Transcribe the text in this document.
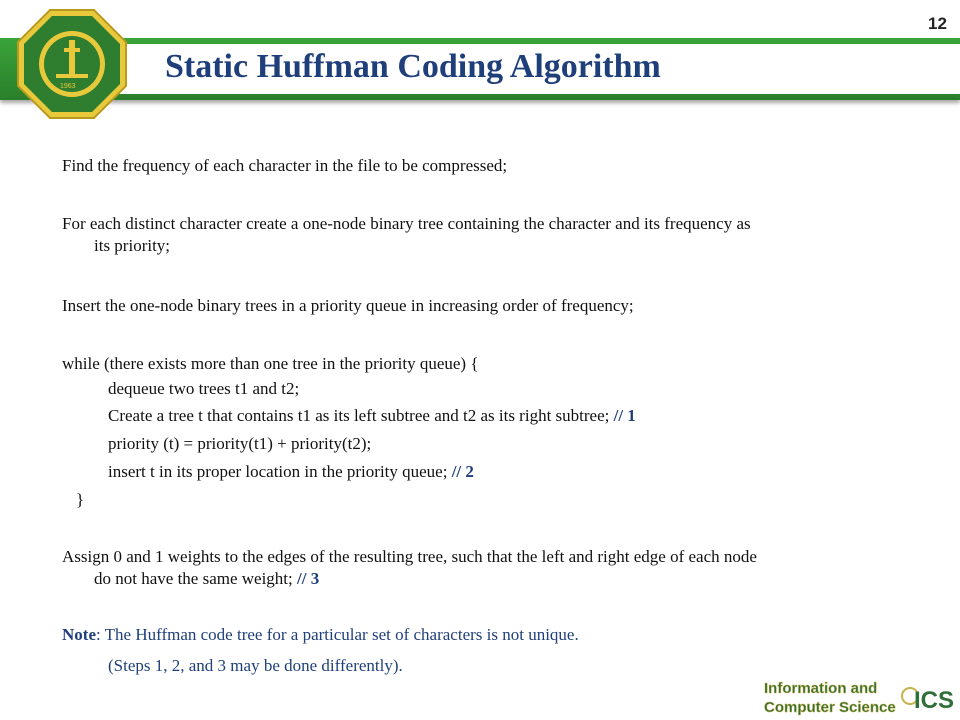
1963
Static Huffman Coding Algorithm
12
Find the frequency of each character in the file to be compressed;
For each distinct character create a one-node binary tree containing the character and its frequency as
its priority;
Insert the one-node binary trees in a priority queue in increasing order of frequency;
while (there exists more than one tree in the priority queue) {
dequeue two trees t1 and t2;
Create a tree t that contains t1 as its left subtree and t2 as its right subtree; // 1
priority (t) = priority(t1) + priority(t2);
insert t in its proper location in the priority queue; // 2
}
Assign 0 and 1 weights to the edges of the resulting tree, such that the left and right edge of each node
do not have the same weight; // 3
Note: The Huffman code tree for a particular set of characters is not unique.
(Steps 1, 2, and 3 may be done differently).
Information and
Computer Science ICS
